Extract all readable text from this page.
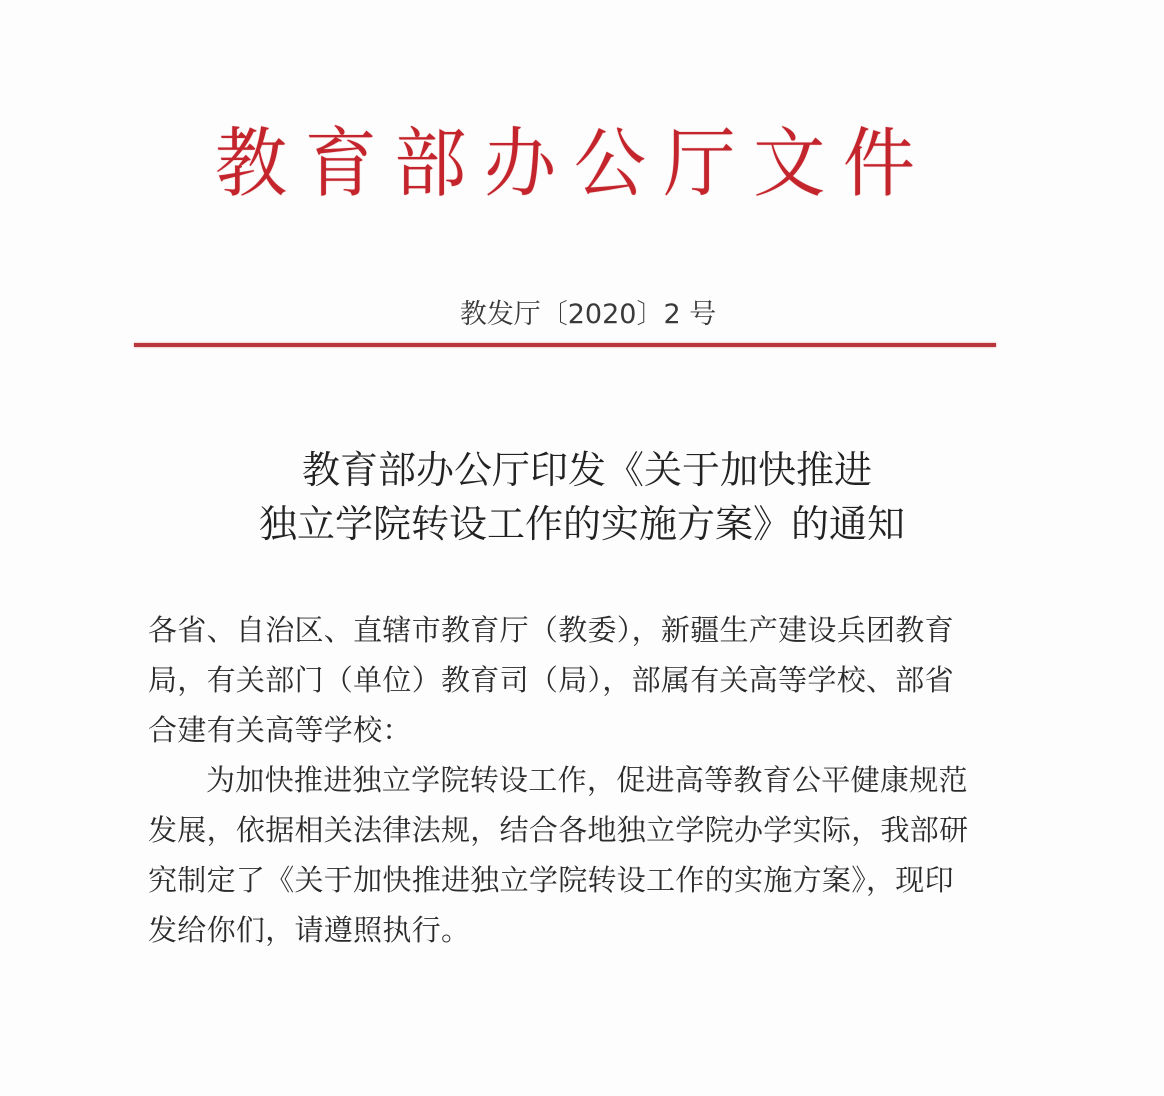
教 育 部 办 公 厅 文 件
教发厅〔2020〕2 号
教育部办公厅印发《关于加快推进
独立学院转设工作的实施方案》的通知
各省、自治区、直辖市教育厅（教委），新疆生产建设兵团教育
局，有关部门（单位）教育司（局），部属有关高等学校、部省
合建有关高等学校：
为加快推进独立学院转设工作，促进高等教育公平健康规范
发展，依据相关法律法规，结合各地独立学院办学实际，我部研
究制定了《关于加快推进独立学院转设工作的实施方案》，现印
发给你们，请遵照执行。
